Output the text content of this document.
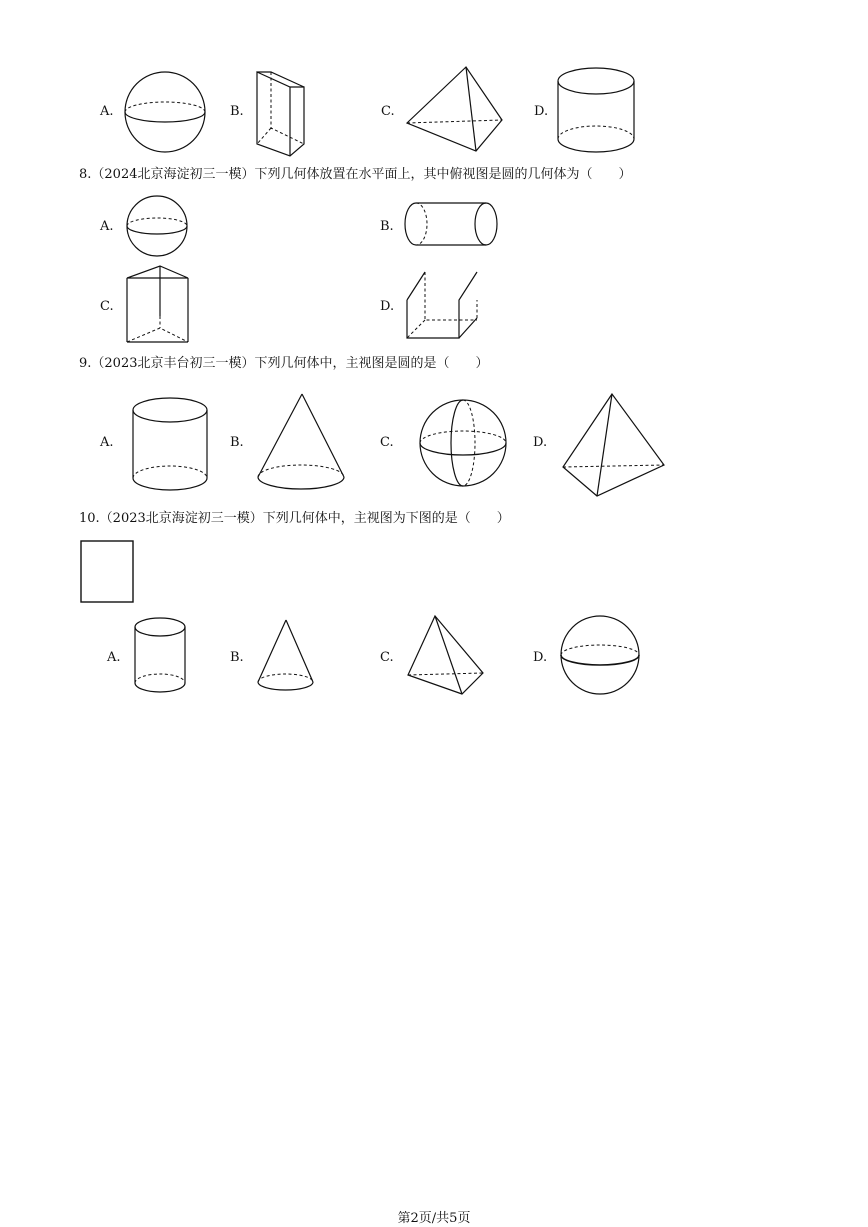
A.	B.	C.	D.
8.（2024北京海淀初三一模）下列几何体放置在水平面上，其中俯视图是圆的几何体为（　　）
A.	B.
C.	D.
9.（2023北京丰台初三一模）下列几何体中，主视图是圆的是（　　）
A.	B.	C.	D.
10.（2023北京海淀初三一模）下列几何体中，主视图为下图的是（　　）
A.	B.	C.	D.
第2页/共5页
